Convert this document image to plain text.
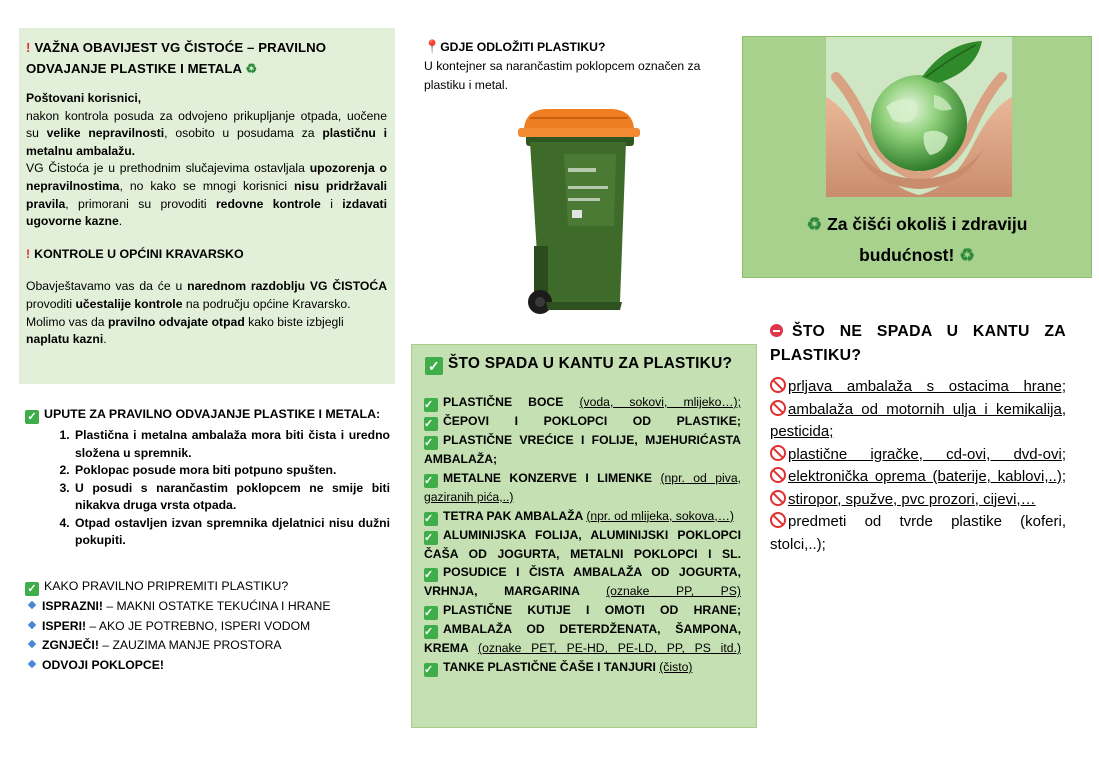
! VAŽNA OBAVIJEST VG ČISTOĆE – PRAVILNO
ODVAJANJE PLASTIKE I METALA ♻

Poštovani korisnici,

nakon kontrola posuda za odvojeno prikupljanje otpada, uočene su velike nepravilnosti, osobito u posudama za plastičnu i metalnu ambalažu.

VG Čistoća je u prethodnim slučajevima ostavljala upozorenja o nepravilnostima, no kako se mnogi korisnici nisu pridržavali pravila, primorani su provoditi redovne kontrole i izdavati ugovorne kazne.

! KONTROLE U OPĆINI KRAVARSKO

Obavještavamo vas da će u narednom razdoblju VG ČISTOĆA provoditi učestalije kontrole na području općine Kravarsko.

Molimo vas da pravilno odvajate otpad kako biste izbjegli naplatu kazni.

✓ UPUTE ZA PRAVILNO ODVAJANJE PLASTIKE I METALA:
1. Plastična i metalna ambalaža mora biti čista i uredno složena u spremnik.
2. Poklopac posude mora biti potpuno spušten.
3. U posudi s narančastim poklopcem ne smije biti nikakva druga vrsta otpada.
4. Otpad ostavljen izvan spremnika djelatnici nisu dužni pokupiti.
✓ KAKO PRAVILNO PRIPREMITI PLASTIKU?
ISPRAZNI! – MAKNI OSTATKE TEKUĆINA I HRANE
ISPERI! – AKO JE POTREBNO, ISPERI VODOM
ZGNJEČI! – ZAUZIMA MANJE PROSTORA
ODVOJI POKLOPCE!
📍GDJE ODLOŽITI PLASTIKU?
U kontejner sa narančastim poklopcem označen za plastiku i metal.
✓ ŠTO SPADA U KANTU ZA PLASTIKU?
✓ PLASTIČNE BOCE (voda, sokovi, mlijeko…);
✓ ČEPOVI I POKLOPCI OD PLASTIKE;
✓ PLASTIČNE VREĆICE I FOLIJE, MJEHURIĆASTA AMBALAŽA;
✓ METALNE KONZERVE I LIMENKE (npr. od piva, gaziranih pića,..)
✓ TETRA PAK AMBALAŽA (npr. od mlijeka, sokova,…)
✓ ALUMINIJSKA FOLIJA, ALUMINIJSKI POKLOPCI ČAŠA OD JOGURTA, METALNI POKLOPCI I SL.
✓ POSUDICE I ČISTA AMBALAŽA OD JOGURTA, VRHNJA, MARGARINA (oznake PP, PS)
✓ PLASTIČNE KUTIJE I OMOTI OD HRANE;
✓ AMBALAŽA OD DETERDŽENATA, ŠAMPONA, KREMA (oznake PET, PE-HD, PE-LD, PP, PS itd.)
✓ TANKE PLASTIČNE ČAŠE I TANJURI (čisto)
♻ Za čišći okoliš i zdraviju
budućnost! ♻
ŠTO NE SPADA U KANTU ZA PLASTIKU?
prljava ambalaža s ostacima hrane;
ambalaža od motornih ulja i kemikalija, pesticida;
plastične igračke, cd-ovi, dvd-ovi;
elektronička oprema (baterije, kablovi,..);
stiropor, spužve, pvc prozori, cijevi,…
predmeti od tvrde plastike (koferi, stolci,..);
